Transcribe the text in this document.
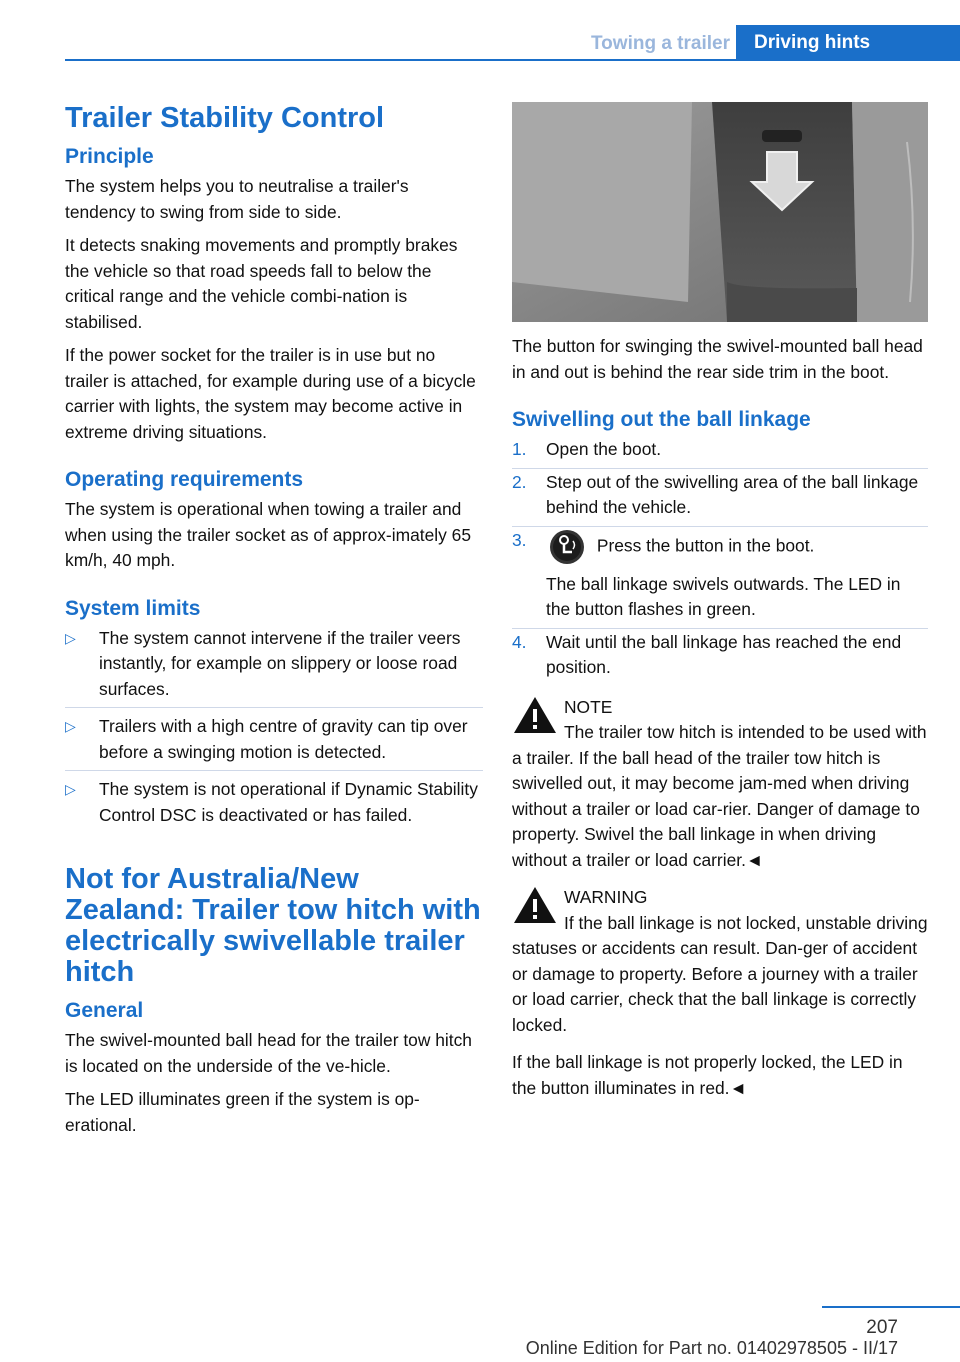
Towing a trailer	Driving hints
Trailer Stability Control
Principle

The system helps you to neutralise a trailer's tendency to swing from side to side.

It detects snaking movements and promptly brakes the vehicle so that road speeds fall to below the critical range and the vehicle combi-nation is stabilised.

If the power socket for the trailer is in use but no trailer is attached, for example during use of a bicycle carrier with lights, the system may become active in extreme driving situations.

Operating requirements

The system is operational when towing a trailer and when using the trailer socket as of approx-imately 65 km/h, 40 mph.

System limits
▷ The system cannot intervene if the trailer veers instantly, for example on slippery or loose road surfaces.
▷ Trailers with a high centre of gravity can tip over before a swinging motion is detected.
▷ The system is not operational if Dynamic Stability Control DSC is deactivated or has failed.
Not for Australia/New Zealand: Trailer tow hitch with electrically swivellable trailer hitch
General

The swivel-mounted ball head for the trailer tow hitch is located on the underside of the ve-hicle.

The LED illuminates green if the system is op-erational.

The button for swinging the swivel-mounted ball head in and out is behind the rear side trim in the boot.

Swivelling out the ball linkage
1. Open the boot.
2. Step out of the swivelling area of the ball linkage behind the vehicle.
3.	Press the button in the boot.
The ball linkage swivels outwards. The LED in the button flashes in green.
4. Wait until the ball linkage has reached the end position.
NOTE
The trailer tow hitch is intended to be used with a trailer. If the ball head of the trailer tow hitch is swivelled out, it may become jam-med when driving without a trailer or load car-rier. Danger of damage to property. Swivel the ball linkage in when driving without a trailer or load carrier.◄
WARNING
If the ball linkage is not locked, unstable driving statuses or accidents can result. Dan-ger of accident or damage to property. Before a journey with a trailer or load carrier, check that the ball linkage is correctly locked.

If the ball linkage is not properly locked, the LED in the button illuminates in red.◄

207
Online Edition for Part no. 01402978505 - II/17
